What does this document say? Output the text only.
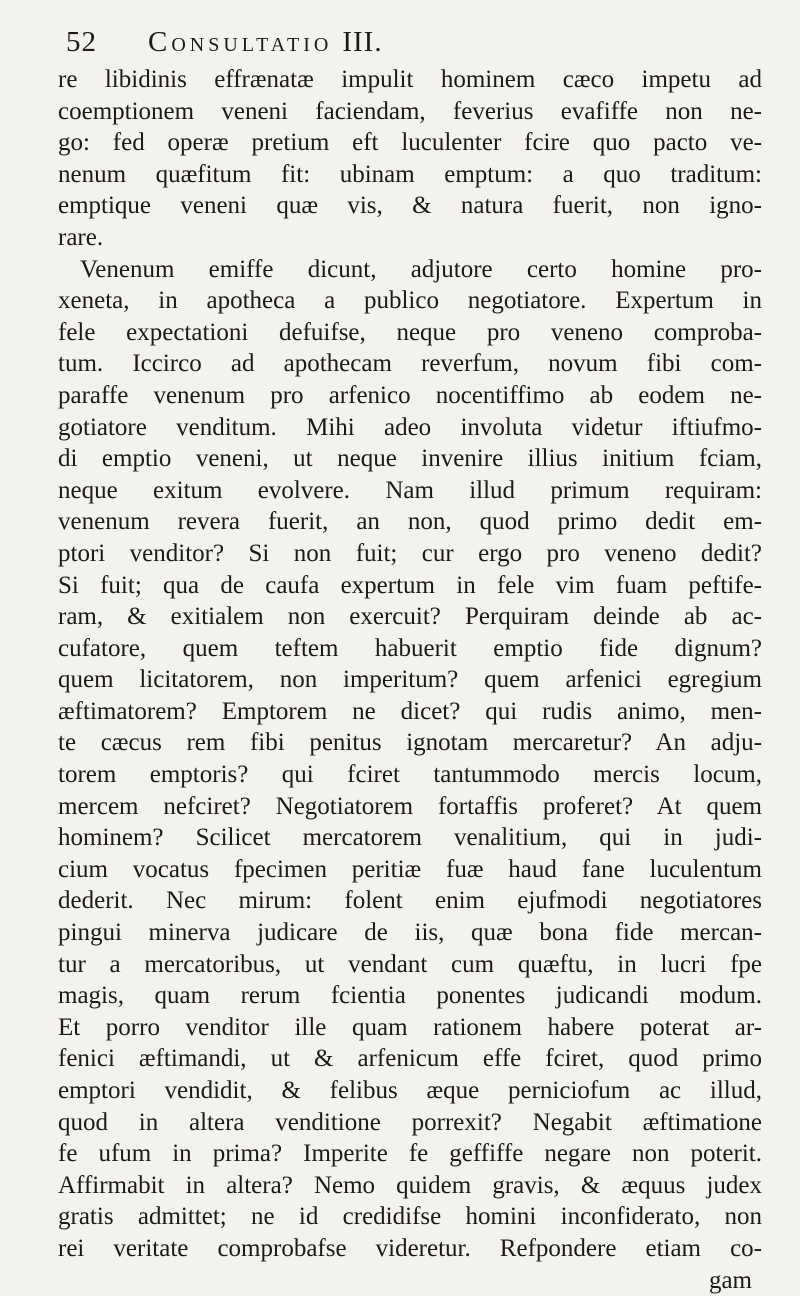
52 Consultatio III.
re libidinis effrænatæ impulit hominem cæco impetu ad
coemptionem veneni faciendam, feverius evafiffe non ne-
go: fed operæ pretium eft luculenter fcire quo pacto ve-
nenum quæfitum fit: ubinam emptum: a quo traditum:
emptique veneni quæ vis, & natura fuerit, non igno-
rare.
Venenum emiffe dicunt, adjutore certo homine pro-
xeneta, in apotheca a publico negotiatore. Expertum in
fele expectationi defuifse, neque pro veneno comproba-
tum. Iccirco ad apothecam reverfum, novum fibi com-
paraffe venenum pro arfenico nocentiffimo ab eodem ne-
gotiatore venditum. Mihi adeo involuta videtur iftiufmo-
di emptio veneni, ut neque invenire illius initium fciam,
neque exitum evolvere. Nam illud primum requiram:
venenum revera fuerit, an non, quod primo dedit em-
ptori venditor? Si non fuit; cur ergo pro veneno dedit?
Si fuit; qua de caufa expertum in fele vim fuam peftife-
ram, & exitialem non exercuit? Perquiram deinde ab ac-
cufatore, quem teftem habuerit emptio fide dignum?
quem licitatorem, non imperitum? quem arfenici egregium
æftimatorem? Emptorem ne dicet? qui rudis animo, men-
te cæcus rem fibi penitus ignotam mercaretur? An adju-
torem emptoris? qui fciret tantummodo mercis locum,
mercem nefciret? Negotiatorem fortaffis proferet? At quem
hominem? Scilicet mercatorem venalitium, qui in judi-
cium vocatus fpecimen peritiæ fuæ haud fane luculentum
dederit. Nec mirum: folent enim ejufmodi negotiatores
pingui minerva judicare de iis, quæ bona fide mercan-
tur a mercatoribus, ut vendant cum quæftu, in lucri fpe
magis, quam rerum fcientia ponentes judicandi modum.
Et porro venditor ille quam rationem habere poterat ar-
fenici æftimandi, ut & arfenicum effe fciret, quod primo
emptori vendidit, & felibus æque perniciofum ac illud,
quod in altera venditione porrexit? Negabit æftimatione
fe ufum in prima? Imperite fe geffiffe negare non poterit.
Affirmabit in altera? Nemo quidem gravis, & æquus judex
gratis admittet; ne id credidifse homini inconfiderato, non
rei veritate comprobafse videretur. Refpondere etiam co-
gam
